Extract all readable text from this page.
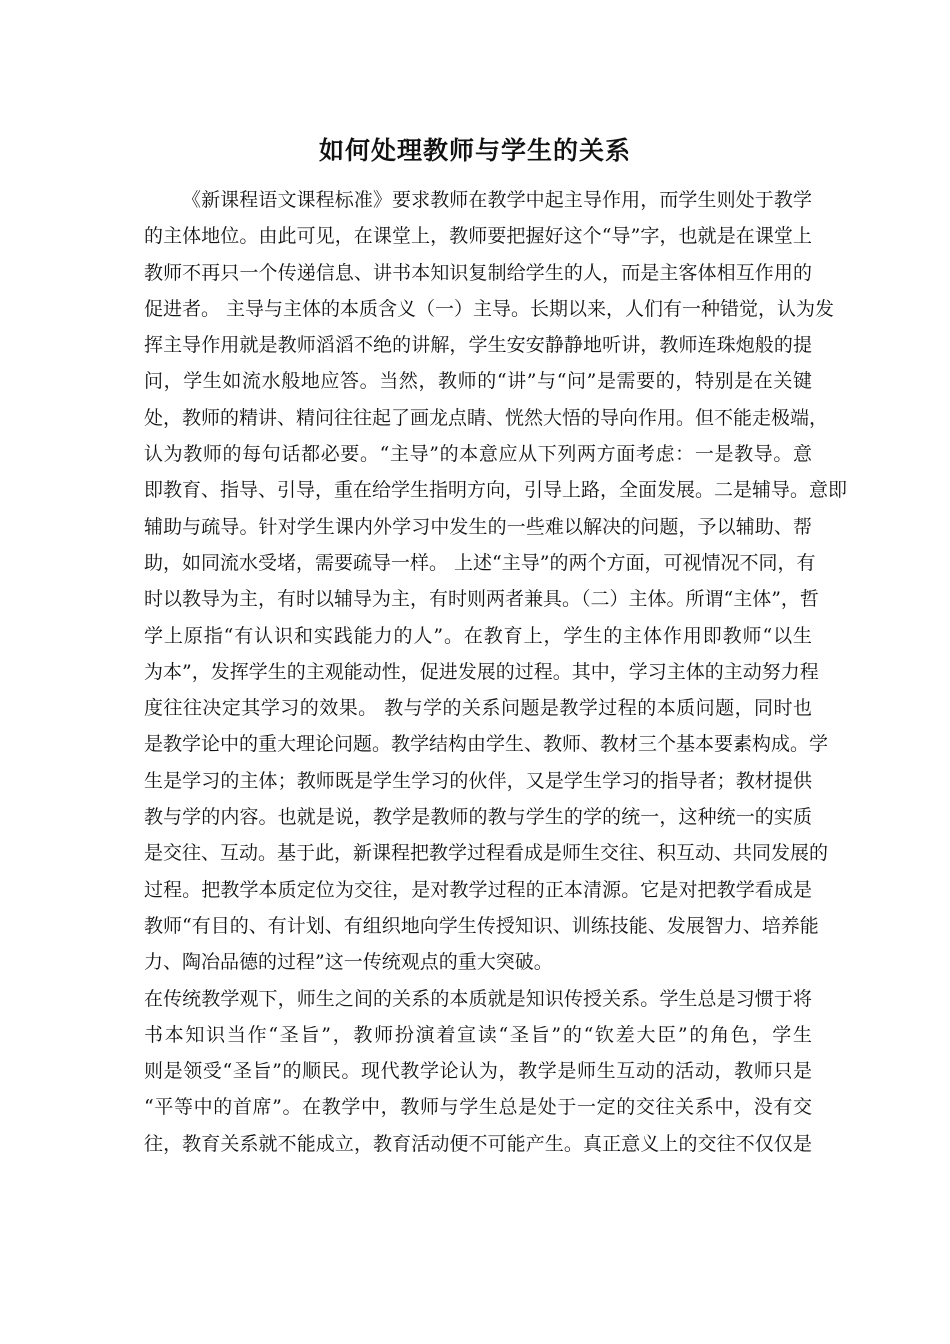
如何处理教师与学生的关系
《新课程语文课程标准》要求教师在教学中起主导作用，而学生则处于教学
的主体地位。由此可见，在课堂上，教师要把握好这个“导”字，也就是在课堂上
教师不再只一个传递信息、讲书本知识复制给学生的人，而是主客体相互作用的
促进者。 主导与主体的本质含义（一）主导。长期以来，人们有一种错觉，认为发
挥主导作用就是教师滔滔不绝的讲解，学生安安静静地听讲，教师连珠炮般的提
问，学生如流水般地应答。当然，教师的“讲”与“问”是需要的，特别是在关键
处，教师的精讲、精问往往起了画龙点睛、恍然大悟的导向作用。但不能走极端，
认为教师的每句话都必要。“主导”的本意应从下列两方面考虑：一是教导。意
即教育、指导、引导，重在给学生指明方向，引导上路，全面发展。二是辅导。意即
辅助与疏导。针对学生课内外学习中发生的一些难以解决的问题，予以辅助、帮
助，如同流水受堵，需要疏导一样。 上述“主导”的两个方面，可视情况不同，有
时以教导为主，有时以辅导为主，有时则两者兼具。（二）主体。所谓“主体”，哲
学上原指“有认识和实践能力的人”。在教育上，学生的主体作用即教师“以生
为本”，发挥学生的主观能动性，促进发展的过程。其中，学习主体的主动努力程
度往往决定其学习的效果。 教与学的关系问题是教学过程的本质问题，同时也
是教学论中的重大理论问题。教学结构由学生、教师、教材三个基本要素构成。学
生是学习的主体；教师既是学生学习的伙伴，又是学生学习的指导者；教材提供
教与学的内容。也就是说，教学是教师的教与学生的学的统一，这种统一的实质
是交往、互动。基于此，新课程把教学过程看成是师生交往、积互动、共同发展的
过程。把教学本质定位为交往，是对教学过程的正本清源。它是对把教学看成是
教师“有目的、有计划、有组织地向学生传授知识、训练技能、发展智力、培养能
力、陶冶品德的过程”这一传统观点的重大突破。
在传统教学观下，师生之间的关系的本质就是知识传授关系。学生总是习惯于将
书本知识当作“圣旨”，教师扮演着宣读“圣旨”的“钦差大臣”的角色，学生
则是领受“圣旨”的顺民。现代教学论认为，教学是师生互动的活动，教师只是
“平等中的首席”。在教学中，教师与学生总是处于一定的交往关系中，没有交
往，教育关系就不能成立，教育活动便不可能产生。真正意义上的交往不仅仅是
